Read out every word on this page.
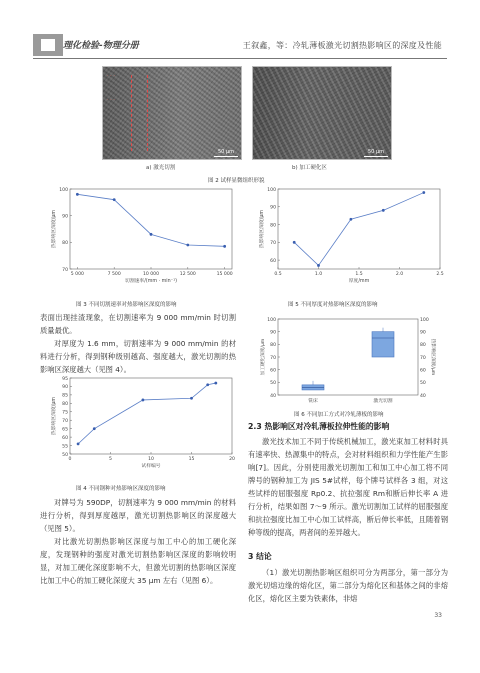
理化检验-物理分册	王叙鑫，等：冷轧薄板激光切割热影响区的深度及性能
· · ·
· · ·
50 μm	50 μm
a) 激光切割	b) 加工硬化区
图 2 试样显微组织形貌
70
80
90
100
5 000	7 500	10 000	12 500	15 000
切割速率/(mm · min⁻¹)
热影响区深度/μm
图 3 不同切割速率对热影响区深度的影响
60
70
80
90
100
0.5	1.0	1.5	2.0	2.5
厚度/mm
热影响区深度/μm
图 5 不同厚度对热影响区深度的影响
表面出现挂渣现象，在切割速率为 9 000 mm/min 时切割质量最优。
对厚度为 1.6 mm，切割速率为 9 000 mm/min 的材料进行分析，得到钢种级别越高、强度越大，激光切割的热影响区深度越大（见图 4）。
40	40
50	50
60	60
70	70
80	80
90	90
100	100
加工硬化深度/μm	热影响区深度/μm
铣床	激光切割
图 6 不同加工方式对冷轧薄板的影响
50
55
60
65
70
75
80
85
90
95
0	5	10	15	20
试样编号
热影响区深度/μm
图 4 不同钢种对热影响区深度的影响
对牌号为 590DP，切割速率为 9 000 mm/min 的材料进行分析，得到厚度越厚，激光切割热影响区的深度越大（见图 5）。
对比激光切割热影响区深度与加工中心的加工硬化深度，发现钢种的强度对激光切割热影响区深度的影响较明显，对加工硬化深度影响不大，但激光切割的热影响区深度比加工中心的加工硬化深度大 35 μm 左右（见图 6）。
2.3 热影响区对冷轧薄板拉伸性能的影响
激光技术加工不同于传统机械加工，激光束加工材料时具有速率快、热源集中的特点，会对材料组织和力学性能产生影响[7]。因此，分别使用激光切割加工和加工中心加工将不同牌号的钢种加工为 JIS 5#试样，每个牌号试样各 3 组，对这些试样的屈服强度 Rp0.2、抗拉强度 Rm和断后伸长率 A 进行分析，结果如图 7～9 所示。激光切割加工试样的屈服强度和抗拉强度比加工中心加工试样高，断后伸长率低，且随着钢种等级的提高，两者间的差异越大。
3 结论
（1）激光切割热影响区组织可分为两部分，第一部分为激光切熔边缘的熔化区，第二部分为熔化区和基体之间的非熔化区，熔化区主要为铁素体，非熔
33
